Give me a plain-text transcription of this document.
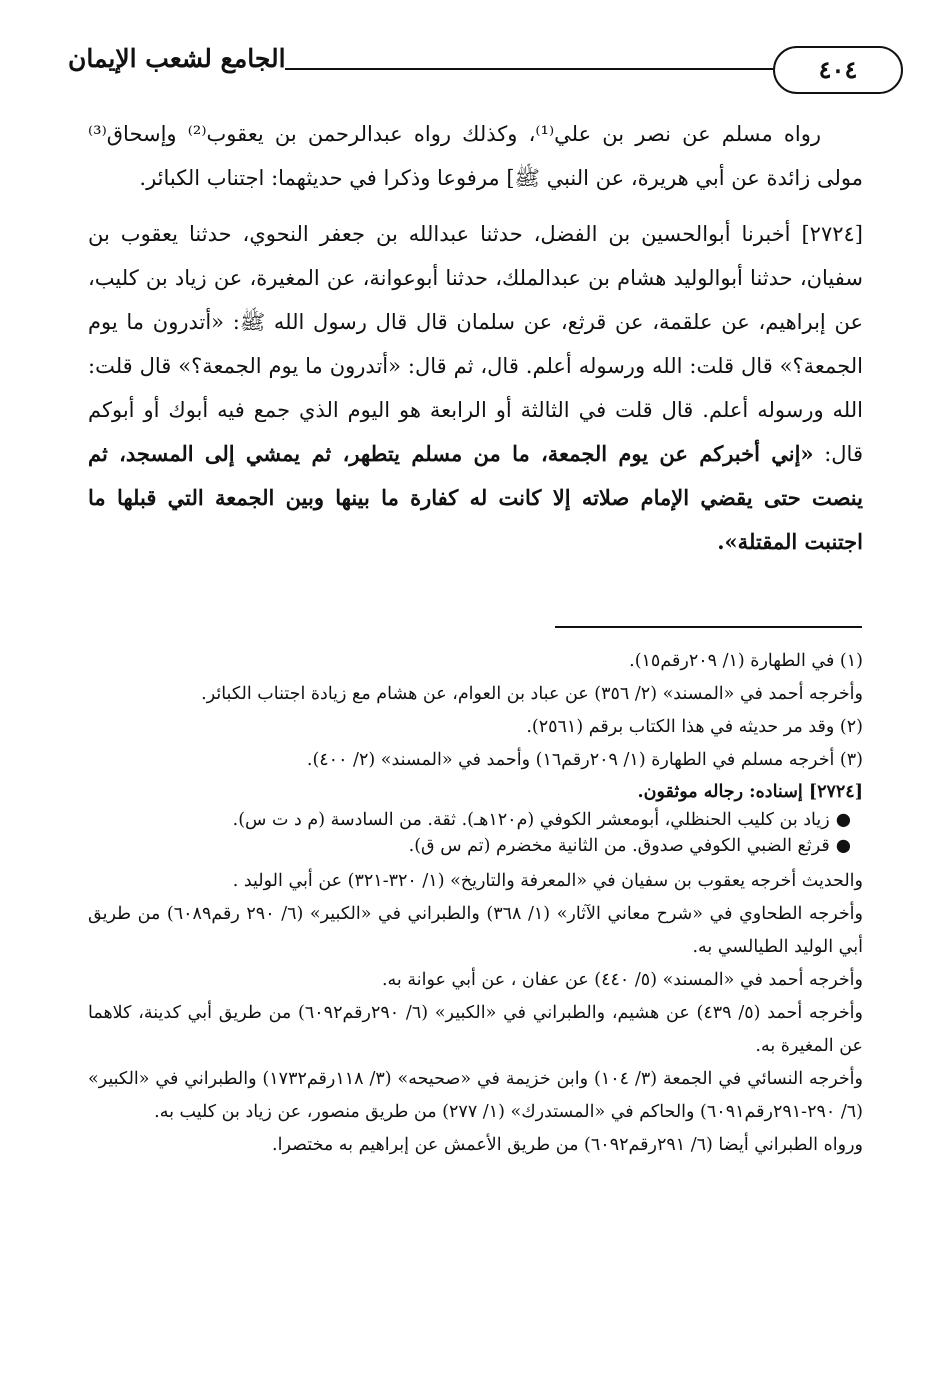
الجامع لشعب الإيمان	٤٠٤

رواه مسلم عن نصر بن علي⁽¹⁾، وكذلك رواه عبدالرحمن بن يعقوب⁽²⁾ وإسحاق⁽³⁾ مولى زائدة عن أبي هريرة، عن النبي ﷺ] مرفوعا وذكرا في حديثهما: اجتناب الكبائر.

[٢٧٢٤] أخبرنا أبوالحسين بن الفضل، حدثنا عبدالله بن جعفر النحوي، حدثنا يعقوب بن سفيان، حدثنا أبوالوليد هشام بن عبدالملك، حدثنا أبوعوانة، عن المغيرة، عن زياد بن كليب، عن إبراهيم، عن علقمة، عن قرثع، عن سلمان قال قال رسول الله ﷺ: «أتدرون ما يوم الجمعة؟» قال قلت: الله ورسوله أعلم. قال، ثم قال: «أتدرون ما يوم الجمعة؟» قال قلت: الله ورسوله أعلم. قال قلت في الثالثة أو الرابعة هو اليوم الذي جمع فيه أبوك أو أبوكم قال: «إني أخبركم عن يوم الجمعة، ما من مسلم يتطهر، ثم يمشي إلى المسجد، ثم ينصت حتى يقضي الإمام صلاته إلا كانت له كفارة ما بينها وبين الجمعة التي قبلها ما اجتنبت المقتلة».

(١) في الطهارة (١/ ٢٠٩رقم١٥).

وأخرجه أحمد في «المسند» (٢/ ٣٥٦) عن عباد بن العوام، عن هشام مع زيادة اجتناب الكبائر.

(٢) وقد مر حديثه في هذا الكتاب برقم (٢٥٦١).

(٣) أخرجه مسلم في الطهارة (١/ ٢٠٩رقم١٦) وأحمد في «المسند» (٢/ ٤٠٠).

[٢٧٢٤] إسناده: رجاله موثقون.

●زياد بن كليب الحنظلي، أبومعشر الكوفي (م١٢٠هـ). ثقة. من السادسة (م د ت س).

●قرثع الضبي الكوفي صدوق. من الثانية مخضرم (تم س ق).

والحديث أخرجه يعقوب بن سفيان في «المعرفة والتاريخ» (١/ ٣٢٠-٣٢١) عن أبي الوليد .

وأخرجه الطحاوي في «شرح معاني الآثار» (١/ ٣٦٨) والطبراني في «الكبير» (٦/ ٢٩٠ رقم٦٠٨٩) من طريق أبي الوليد الطيالسي به.

وأخرجه أحمد في «المسند» (٥/ ٤٤٠) عن عفان ، عن أبي عوانة به.

وأخرجه أحمد (٥/ ٤٣٩) عن هشيم، والطبراني في «الكبير» (٦/ ٢٩٠رقم٦٠٩٢) من طريق أبي كدينة، كلاهما عن المغيرة به.

وأخرجه النسائي في الجمعة (٣/ ١٠٤) وابن خزيمة في «صحيحه» (٣/ ١١٨رقم١٧٣٢) والطبراني في «الكبير» (٦/ ٢٩٠-٢٩١رقم٦٠٩١) والحاكم في «المستدرك» (١/ ٢٧٧) من طريق منصور، عن زياد بن كليب به.

ورواه الطبراني أيضا (٦/ ٢٩١رقم٦٠٩٢) من طريق الأعمش عن إبراهيم به مختصرا.
